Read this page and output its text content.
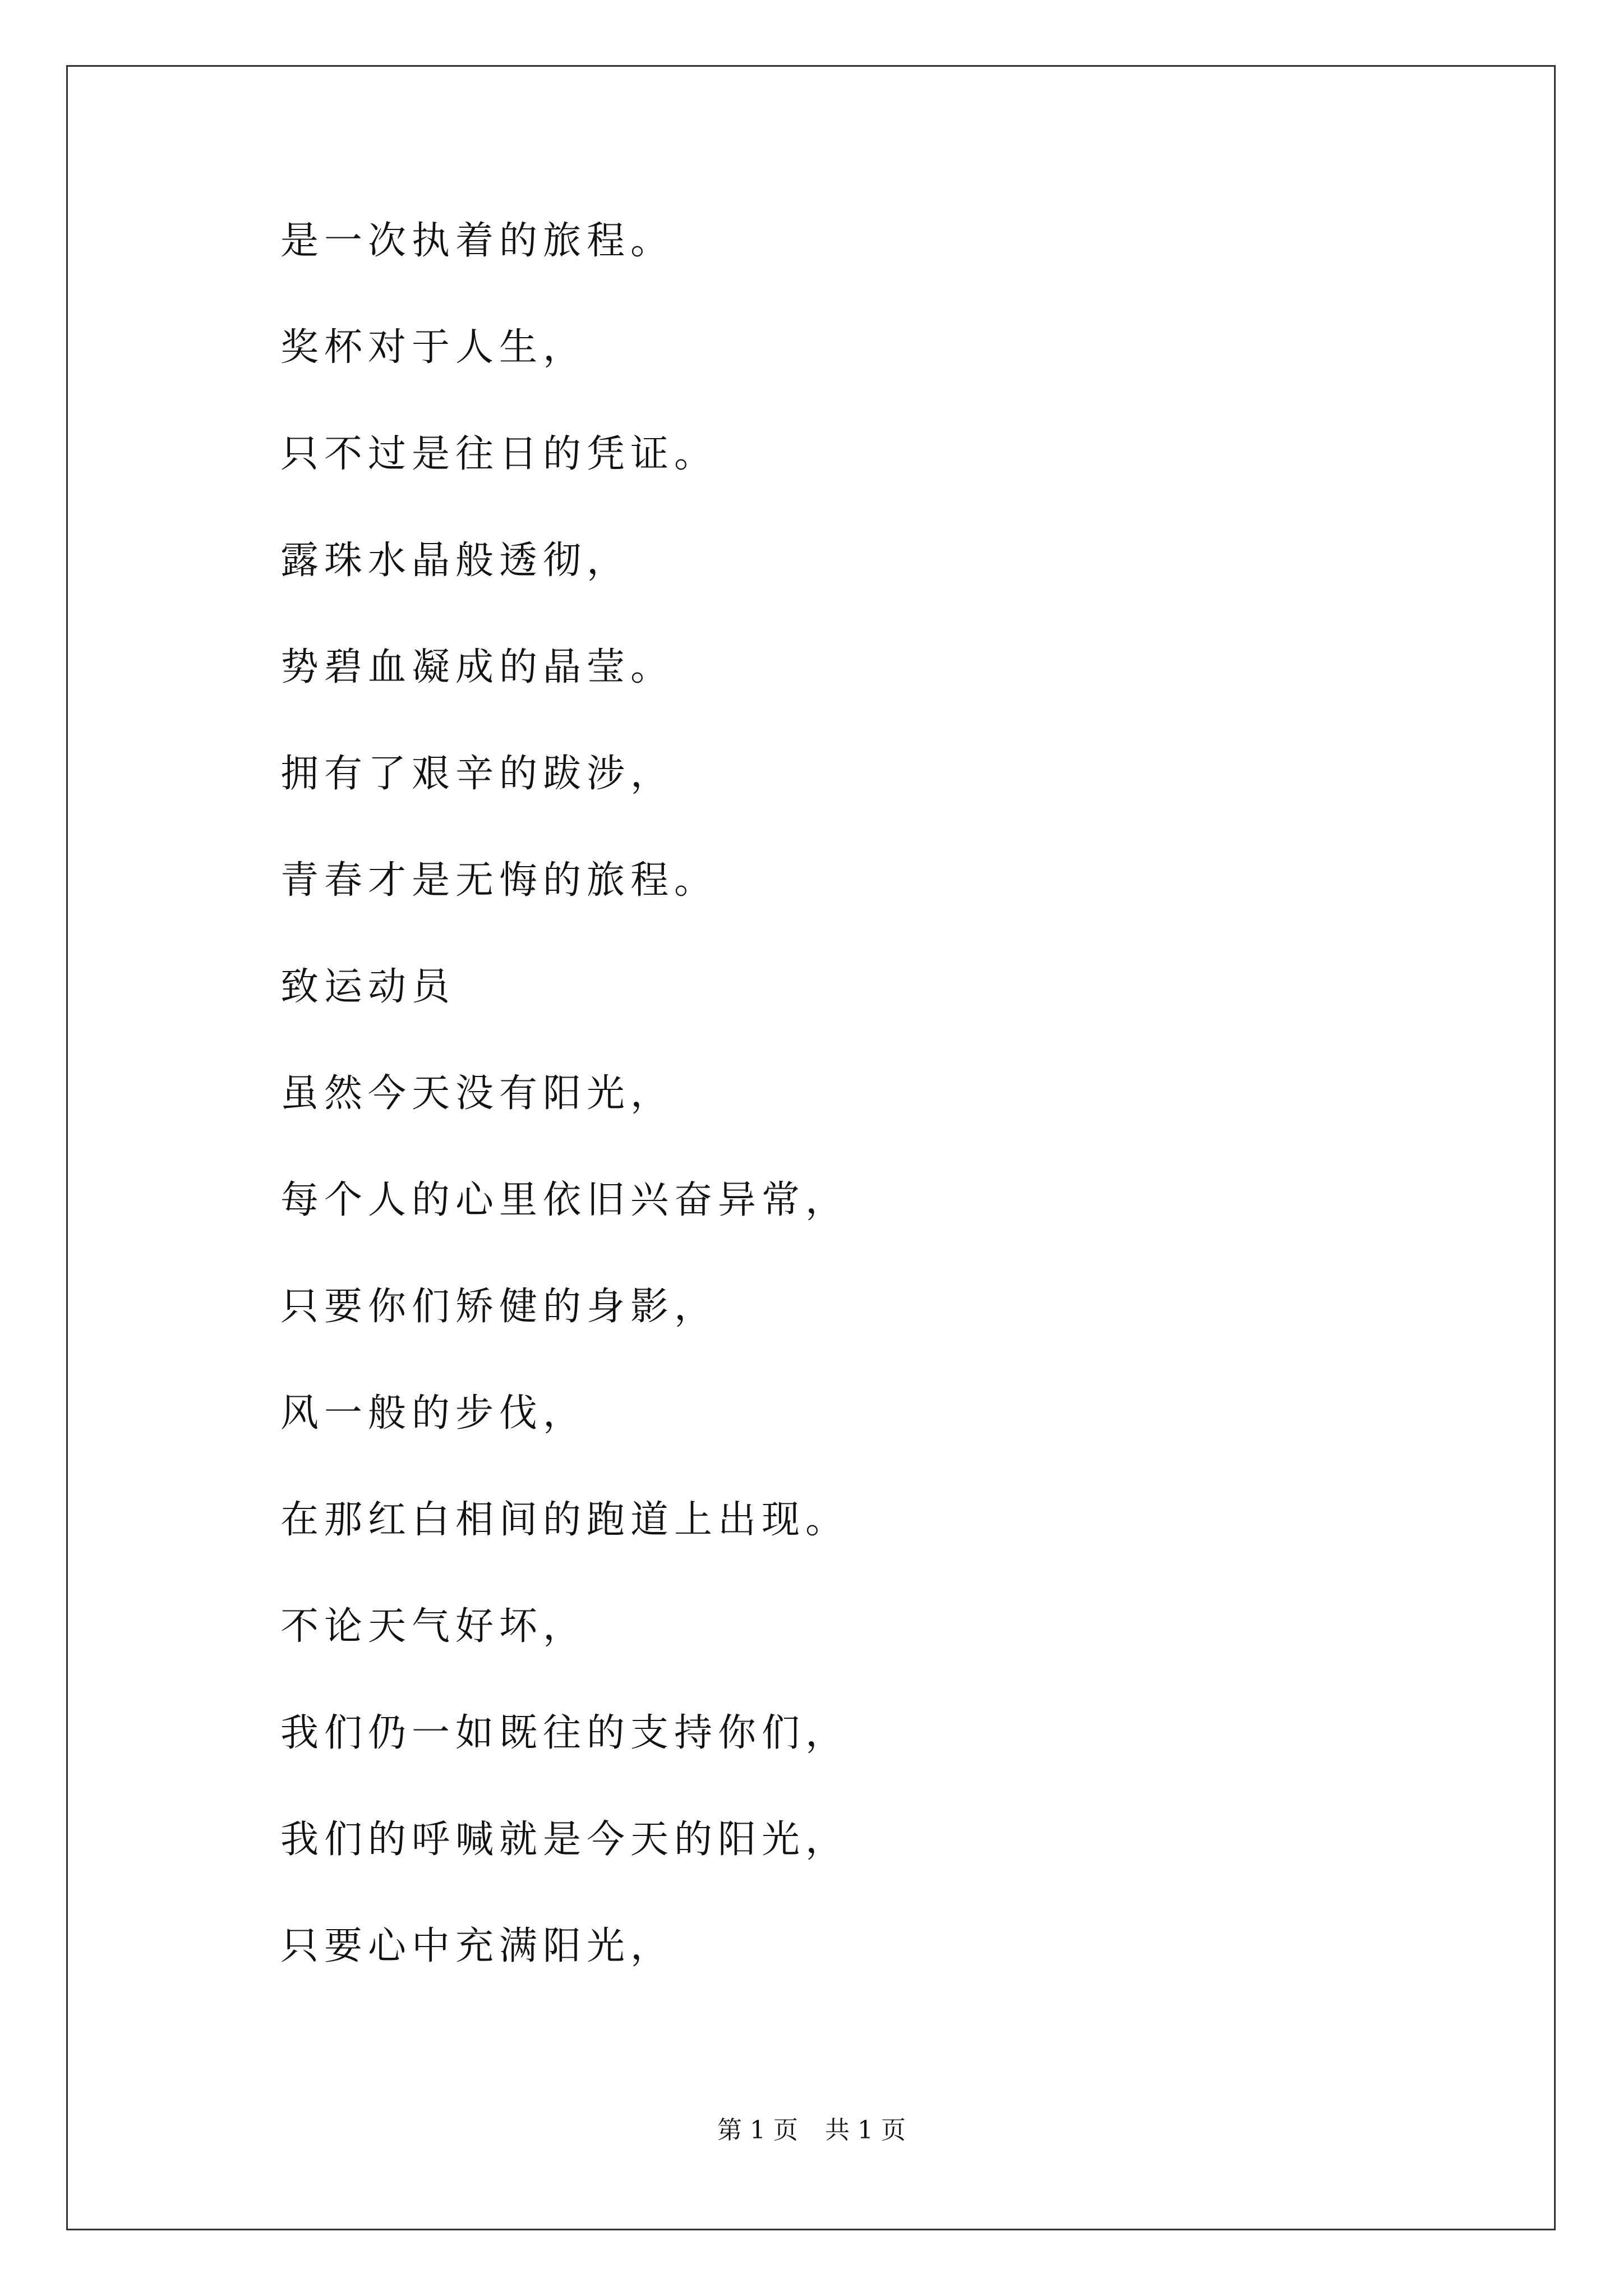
是一次执着的旅程。
奖杯对于人生，
只不过是往日的凭证。
露珠水晶般透彻，
势碧血凝成的晶莹。
拥有了艰辛的跋涉，
青春才是无悔的旅程。
致运动员
虽然今天没有阳光，
每个人的心里依旧兴奋异常，
只要你们矫健的身影，
风一般的步伐，
在那红白相间的跑道上出现。
不论天气好坏，
我们仍一如既往的支持你们，
我们的呼喊就是今天的阳光，
只要心中充满阳光，
第 1 页 共 1 页
